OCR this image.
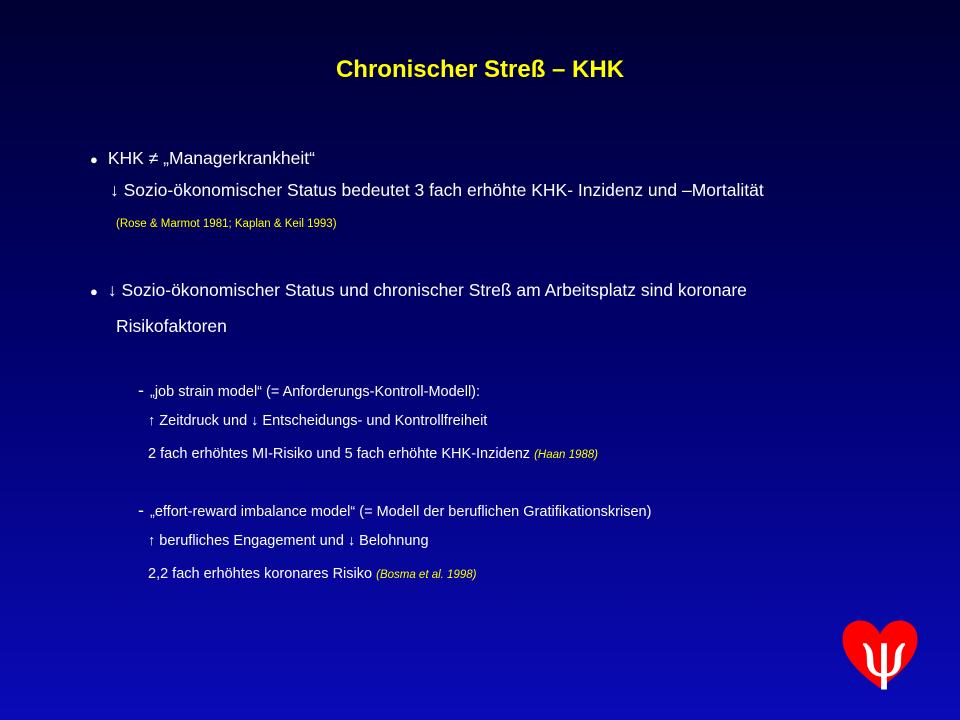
Chronischer Streß – KHK
● KHK ≠ „Managerkrankheit“
↓ Sozio-ökonomischer Status bedeutet 3 fach erhöhte KHK- Inzidenz und –Mortalität
(Rose & Marmot 1981; Kaplan & Keil 1993)
● ↓ Sozio-ökonomischer Status und chronischer Streß am Arbeitsplatz sind koronare
Risikofaktoren
- „job strain model“ (= Anforderungs-Kontroll-Modell):
↑ Zeitdruck und ↓ Entscheidungs- und Kontrollfreiheit
2 fach erhöhtes MI-Risiko und 5 fach erhöhte KHK-Inzidenz (Haan 1988)
- „effort-reward imbalance model“ (= Modell der beruflichen Gratifikationskrisen)
↑ berufliches Engagement und ↓ Belohnung
2,2 fach erhöhtes koronares Risiko (Bosma et al. 1998)
ψ
